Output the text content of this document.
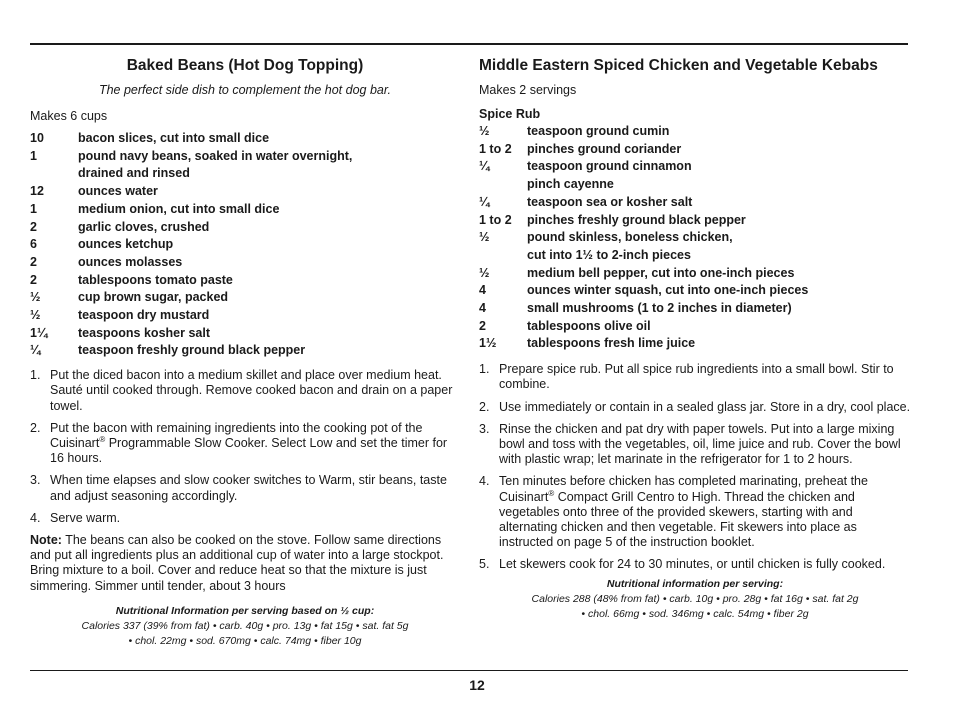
Baked Beans (Hot Dog Topping)
The perfect side dish to complement the hot dog bar.
Makes 6 cups
10	bacon slices, cut into small dice
1	pound navy beans, soaked in water overnight,
drained and rinsed
12	ounces water
1	medium onion, cut into small dice
2	garlic cloves, crushed
6	ounces ketchup
2	ounces molasses
2	tablespoons tomato paste
½	cup brown sugar, packed
½	teaspoon dry mustard
1¼	teaspoons kosher salt
¼	teaspoon freshly ground black pepper
1. Put the diced bacon into a medium skillet and place over medium heat. Sauté until cooked through. Remove cooked bacon and drain on a paper towel.
2. Put the bacon with remaining ingredients into the cooking pot of the Cuisinart® Programmable Slow Cooker. Select Low and set the timer for 16 hours.
3. When time elapses and slow cooker switches to Warm, stir beans, taste and adjust seasoning accordingly.
4. Serve warm.
Note: The beans can also be cooked on the stove. Follow same directions and put all ingredients plus an additional cup of water into a large stockpot. Bring mixture to a boil. Cover and reduce heat so that the mixture is just simmering. Simmer until tender, about 3 hours
Nutritional Information per serving based on ½ cup:
Calories 337 (39% from fat) • carb. 40g • pro. 13g • fat 15g • sat. fat 5g
• chol. 22mg • sod. 670mg • calc. 74mg • fiber 10g
Middle Eastern Spiced Chicken and Vegetable Kebabs
Makes 2 servings
Spice Rub
½	teaspoon ground cumin
1 to 2	pinches ground coriander
¼	teaspoon ground cinnamon
pinch cayenne
¼	teaspoon sea or kosher salt
1 to 2	pinches freshly ground black pepper
½	pound skinless, boneless chicken,
cut into 1½ to 2-inch pieces
½	medium bell pepper, cut into one-inch pieces
4	ounces winter squash, cut into one-inch pieces
4	small mushrooms (1 to 2 inches in diameter)
2	tablespoons olive oil
1½	tablespoons fresh lime juice
1. Prepare spice rub. Put all spice rub ingredients into a small bowl. Stir to combine.
2. Use immediately or contain in a sealed glass jar. Store in a dry, cool place.
3. Rinse the chicken and pat dry with paper towels. Put into a large mixing bowl and toss with the vegetables, oil, lime juice and rub. Cover the bowl with plastic wrap; let marinate in the refrigerator for 1 to 2 hours.
4. Ten minutes before chicken has completed marinating, preheat the Cuisinart® Compact Grill Centro to High. Thread the chicken and vegetables onto three of the provided skewers, starting with and alternating chicken and then vegetable. Fit skewers into place as instructed on page 5 of the instruction booklet.
5. Let skewers cook for 24 to 30 minutes, or until chicken is fully cooked.
Nutritional information per serving:
Calories 288 (48% from fat) • carb. 10g • pro. 28g • fat 16g • sat. fat 2g
• chol. 66mg • sod. 346mg • calc. 54mg • fiber 2g
12
